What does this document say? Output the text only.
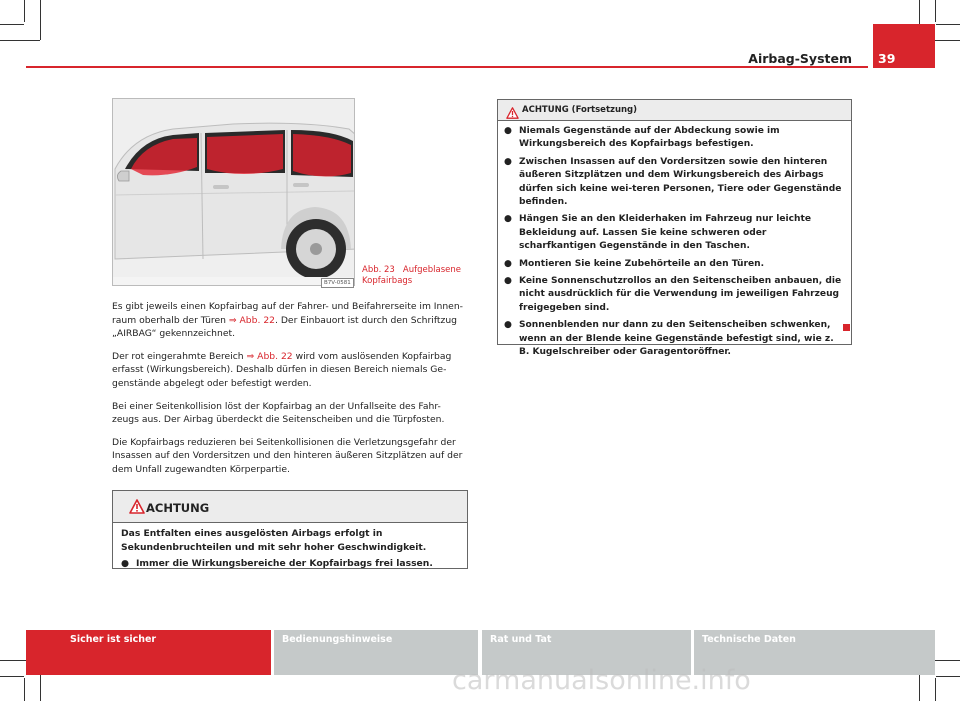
Airbag-System 39
B7V-0581
Abb. 23   Aufgeblasene
Kopfairbags

Es gibt jeweils einen Kopfairbag auf der Fahrer- und Beifahrerseite im Innen-raum oberhalb der Türen ⇒ Abb. 22. Der Einbauort ist durch den Schriftzug „AIRBAG“ gekennzeichnet.

Der rot eingerahmte Bereich ⇒ Abb. 22 wird vom auslösenden Kopfairbag erfasst (Wirkungsbereich). Deshalb dürfen in diesen Bereich niemals Ge-genstände abgelegt oder befestigt werden.

Bei einer Seitenkollision löst der Kopfairbag an der Unfallseite des Fahr-zeugs aus. Der Airbag überdeckt die Seitenscheiben und die Türpfosten.

Die Kopfairbags reduzieren bei Seitenkollisionen die Verletzungsgefahr der Insassen auf den Vordersitzen und den hinteren äußeren Sitzplätzen auf der dem Unfall zugewandten Körperpartie.

ACHTUNG
Das Entfalten eines ausgelösten Airbags erfolgt in Sekundenbruchteilen und mit sehr hoher Geschwindigkeit.
● Immer die Wirkungsbereiche der Kopfairbags frei lassen.
ACHTUNG (Fortsetzung)
● Niemals Gegenstände auf der Abdeckung sowie im Wirkungsbereich des Kopfairbags befestigen.
● Zwischen Insassen auf den Vordersitzen sowie den hinteren äußeren Sitzplätzen und dem Wirkungsbereich des Airbags dürfen sich keine wei-teren Personen, Tiere oder Gegenstände befinden.
● Hängen Sie an den Kleiderhaken im Fahrzeug nur leichte Bekleidung auf. Lassen Sie keine schweren oder scharfkantigen Gegenstände in den Taschen.
● Montieren Sie keine Zubehörteile an den Türen.
● Keine Sonnenschutzrollos an den Seitenscheiben anbauen, die nicht ausdrücklich für die Verwendung im jeweiligen Fahrzeug freigegeben sind.
● Sonnenblenden nur dann zu den Seitenscheiben schwenken, wenn an der Blende keine Gegenstände befestigt sind, wie z. B. Kugelschreiber oder Garagentoröffner.
Sicher ist sicher	Bedienungshinweise	Rat und Tat	Technische Daten
carmanualsonline.info
